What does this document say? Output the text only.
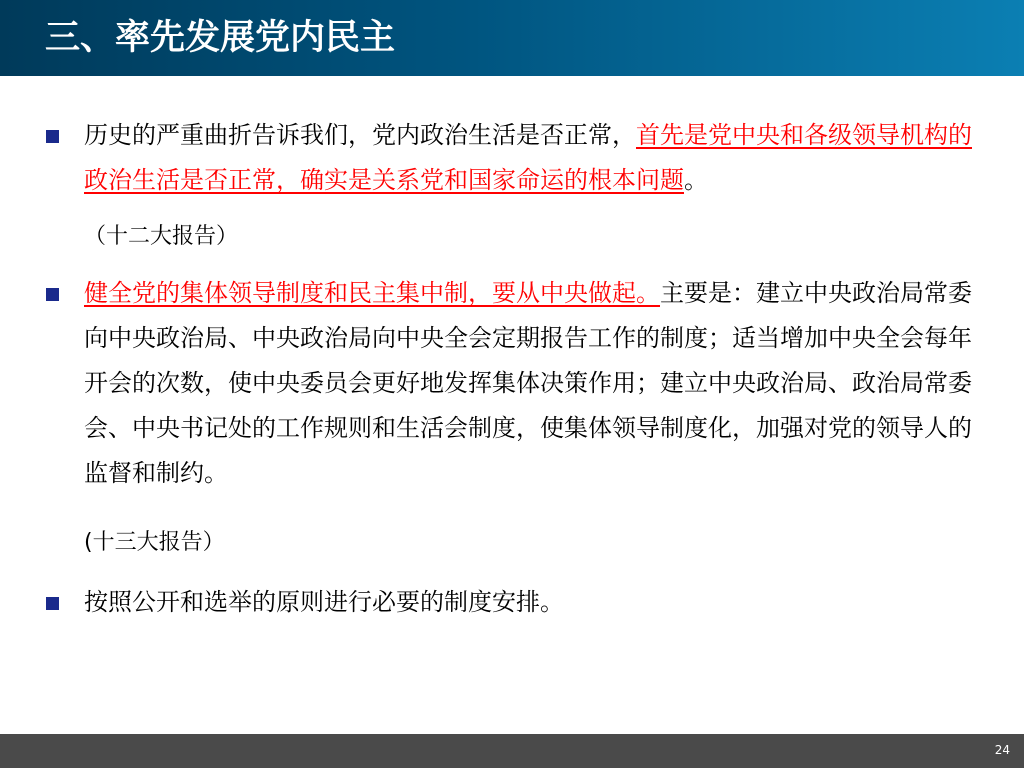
三、率先发展党内民主
历史的严重曲折告诉我们，党内政治生活是否正常，首先是党中央和各级领导机构的政治生活是否正常，确实是关系党和国家命运的根本问题。
（十二大报告）
健全党的集体领导制度和民主集中制，要从中央做起。主要是：建立中央政治局常委向中央政治局、中央政治局向中央全会定期报告工作的制度；适当增加中央全会每年开会的次数，使中央委员会更好地发挥集体决策作用；建立中央政治局、政治局常委会、中央书记处的工作规则和生活会制度，使集体领导制度化，加强对党的领导人的监督和制约。
(十三大报告）
按照公开和选举的原则进行必要的制度安排。
24
